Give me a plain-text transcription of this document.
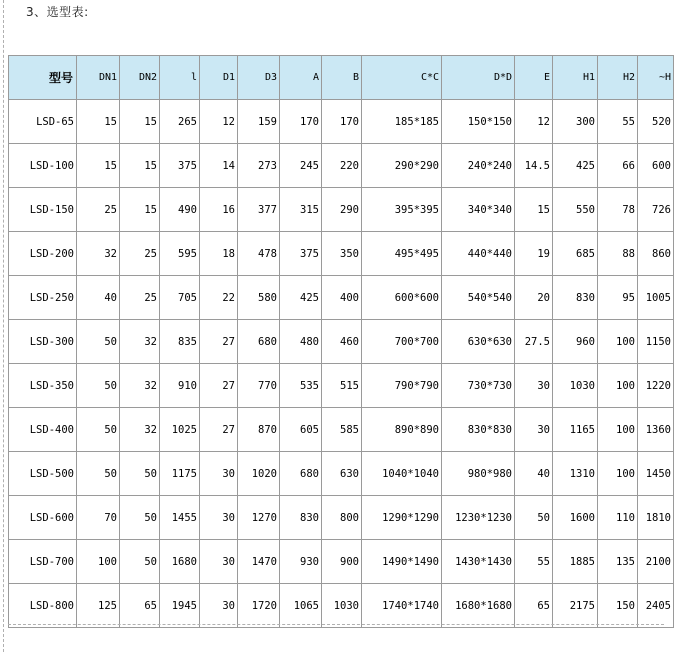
3、选型表:
型号	DN1	DN2	l	D1	D3	A	B	C*C	D*D	E	H1	H2	~H
LSD-65	15	15	265	12	159	170	170	185*185	150*150	12	300	55	520
LSD-100	15	15	375	14	273	245	220	290*290	240*240	14.5	425	66	600
LSD-150	25	15	490	16	377	315	290	395*395	340*340	15	550	78	726
LSD-200	32	25	595	18	478	375	350	495*495	440*440	19	685	88	860
LSD-250	40	25	705	22	580	425	400	600*600	540*540	20	830	95	1005
LSD-300	50	32	835	27	680	480	460	700*700	630*630	27.5	960	100	1150
LSD-350	50	32	910	27	770	535	515	790*790	730*730	30	1030	100	1220
LSD-400	50	32	1025	27	870	605	585	890*890	830*830	30	1165	100	1360
LSD-500	50	50	1175	30	1020	680	630	1040*1040	980*980	40	1310	100	1450
LSD-600	70	50	1455	30	1270	830	800	1290*1290	1230*1230	50	1600	110	1810
LSD-700	100	50	1680	30	1470	930	900	1490*1490	1430*1430	55	1885	135	2100
LSD-800	125	65	1945	30	1720	1065	1030	1740*1740	1680*1680	65	2175	150	2405
